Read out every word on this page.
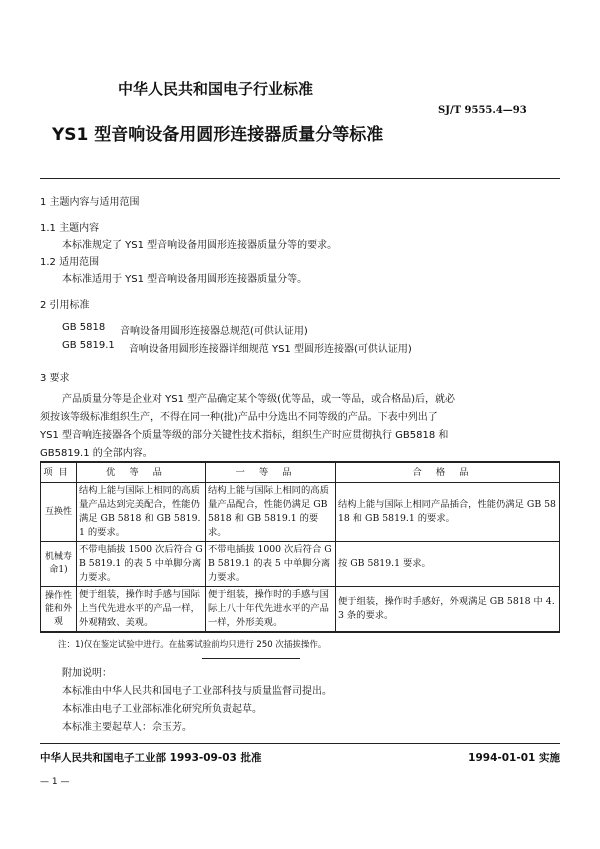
中华人民共和国电子行业标准
SJ/T 9555.4—93
YS1 型音响设备用圆形连接器质量分等标准
1 主题内容与适用范围
1.1 主题内容
本标准规定了 YS1 型音响设备用圆形连接器质量分等的要求。
1.2 适用范围
本标准适用于 YS1 型音响设备用圆形连接器质量分等。
2 引用标准
GB 5818 音响设备用圆形连接器总规范(可供认证用)
GB 5819.1 音响设备用圆形连接器详细规范 YS1 型圆形连接器(可供认证用)
3 要求
产品质量分等是企业对 YS1 型产品确定某个等级(优等品，或一等品，或合格品)后，就必
须按该等级标准组织生产，不得在同一种(批)产品中分选出不同等级的产品。下表中列出了
YS1 型音响连接器各个质量等级的部分关键性技术指标，组织生产时应贯彻执行 GB5818 和
GB5819.1 的全部内容。
项目	优等品	一等品	合格品
互换性	结构上能与国际上相同的高质量产品达到完美配合，性能仍满足 GB 5818 和 GB 5819.1 的要求。	结构上能与国际上相同的高质量产品配合，性能仍满足 GB 5818 和 GB 5819.1 的要求。	结构上能与国际上相同产品插合，性能仍满足 GB 5818 和 GB 5819.1 的要求。
机械寿命1)	不带电插拔 1500 次后符合 GB 5819.1 的表 5 中单脚分离力要求。	不带电插拔 1000 次后符合 GB 5819.1 的表 5 中单脚分离力要求。	按 GB 5819.1 要求。
操作性能和外观	便于组装，操作时手感与国际上当代先进水平的产品一样，外观精致、美观。	便于组装，操作时的手感与国际上八十年代先进水平的产品一样，外形美观。	便于组装，操作时手感好，外观满足 GB 5818 中 4.3 条的要求。
注：1)仅在鉴定试验中进行。在盐雾试验前均只进行 250 次插拔操作。
附加说明：
本标准由中华人民共和国电子工业部科技与质量监督司提出。
本标准由电子工业部标准化研究所负责起草。
本标准主要起草人：佘玉芳。
中华人民共和国电子工业部 1993-09-03 批准	1994-01-01 实施
— 1 —
